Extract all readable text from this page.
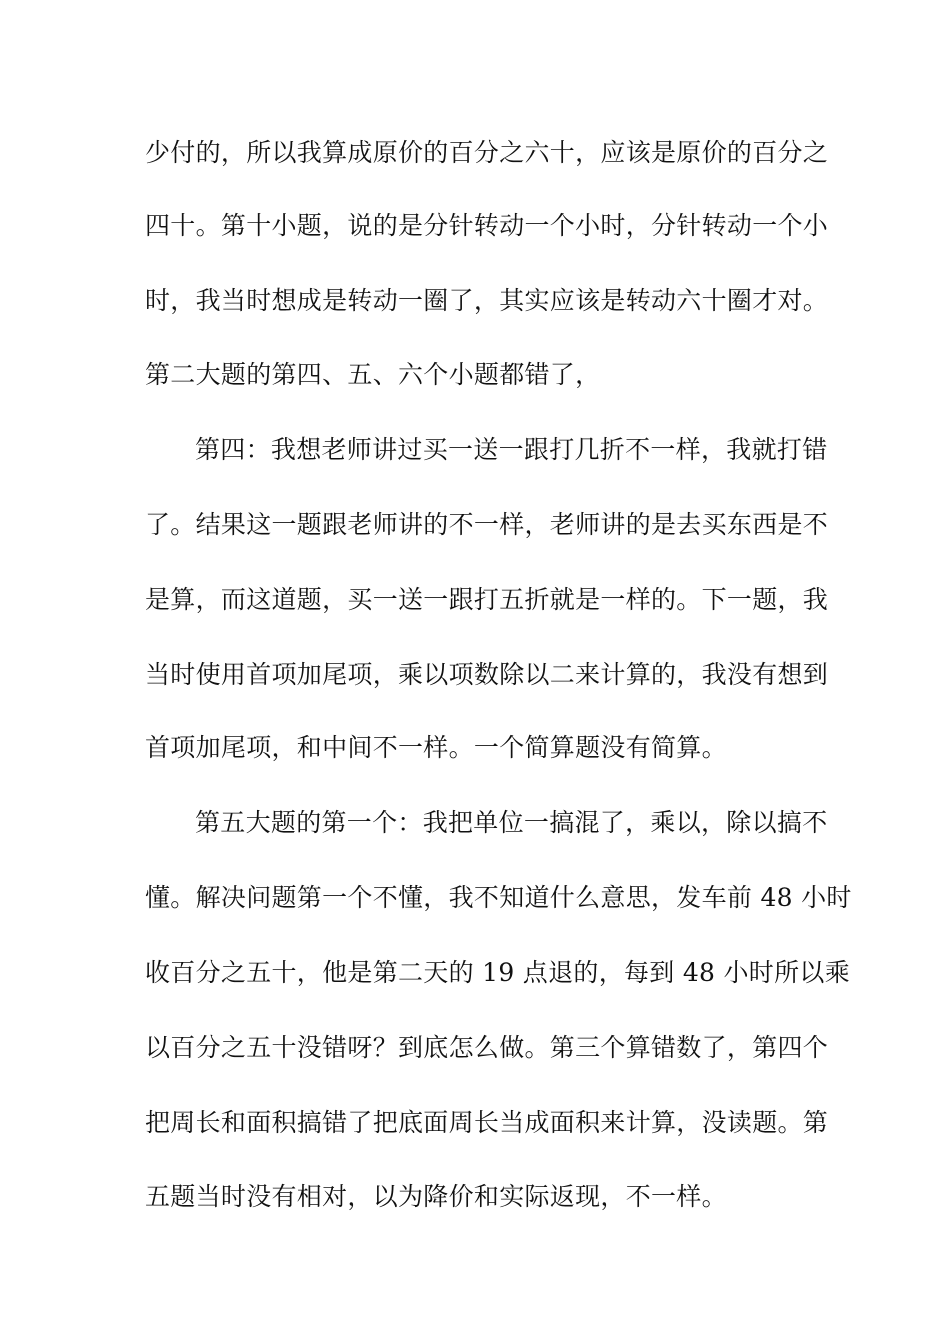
少付的，所以我算成原价的百分之六十，应该是原价的百分之
四十。第十小题，说的是分针转动一个小时，分针转动一个小
时，我当时想成是转动一圈了，其实应该是转动六十圈才对。
第二大题的第四、五、六个小题都错了，
第四：我想老师讲过买一送一跟打几折不一样，我就打错
了。结果这一题跟老师讲的不一样，老师讲的是去买东西是不
是算，而这道题，买一送一跟打五折就是一样的。下一题，我
当时使用首项加尾项，乘以项数除以二来计算的，我没有想到
首项加尾项，和中间不一样。一个简算题没有简算。
第五大题的第一个：我把单位一搞混了，乘以，除以搞不
懂。解决问题第一个不懂，我不知道什么意思，发车前 48 小时
收百分之五十，他是第二天的 19 点退的，每到 48 小时所以乘
以百分之五十没错呀？到底怎么做。第三个算错数了，第四个
把周长和面积搞错了把底面周长当成面积来计算，没读题。第
五题当时没有相对，以为降价和实际返现，不一样。
